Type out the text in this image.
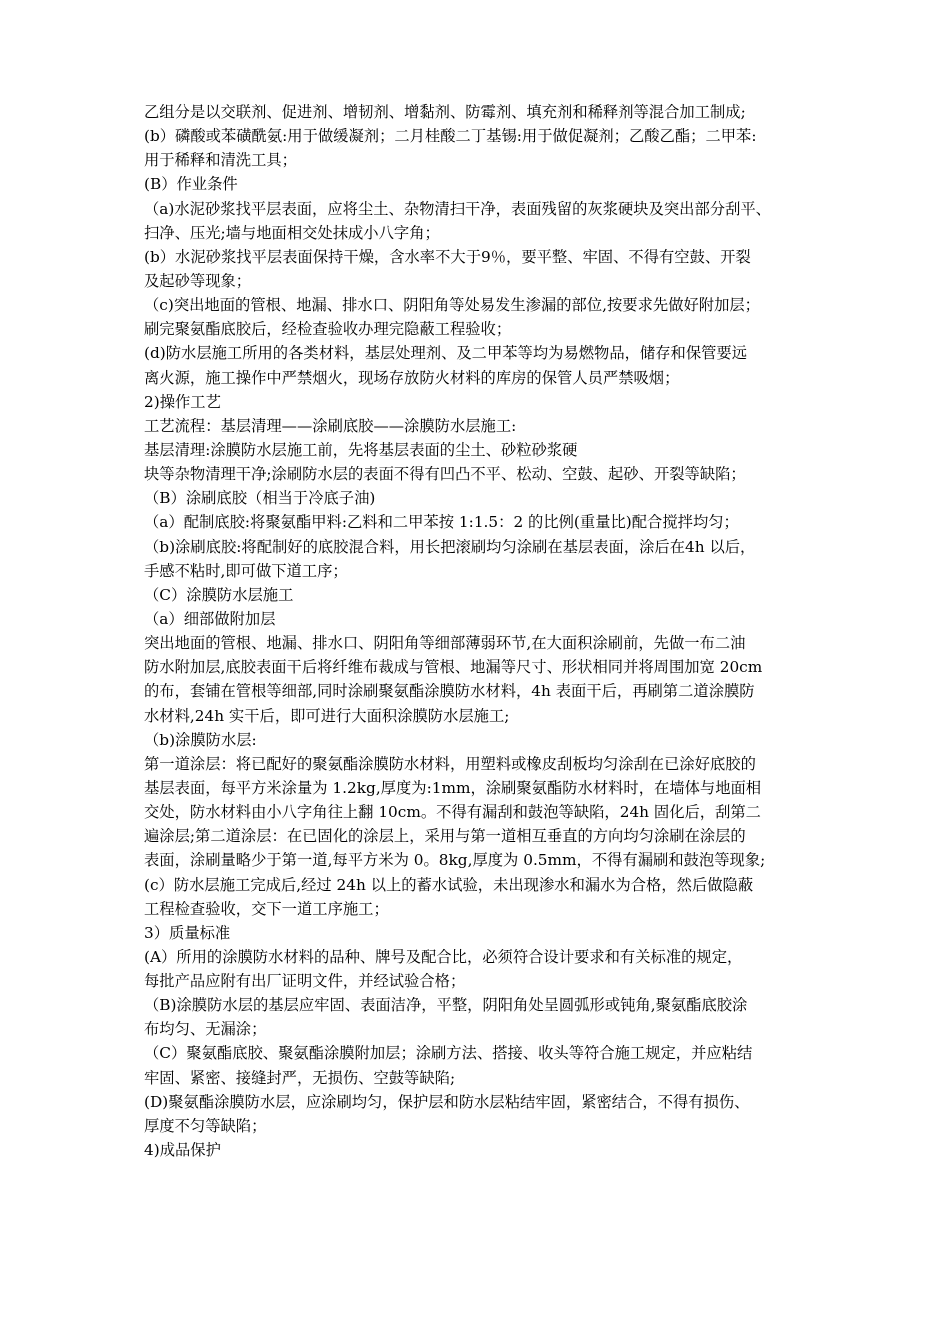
乙组分是以交联剂、促进剂、增韧剂、增黏剂、防霉剂、填充剂和稀释剂等混合加工制成;
(b）磷酸或苯磺酰氨:用于做缓凝剂；二月桂酸二丁基锡:用于做促凝剂；乙酸乙酯；二甲苯:
用于稀释和清洗工具；
(B）作业条件
（a)水泥砂浆找平层表面，应将尘土、杂物清扫干净，表面残留的灰浆硬块及突出部分刮平、
扫净、压光;墙与地面相交处抹成小八字角；
(b）水泥砂浆找平层表面保持干燥，含水率不大于9％，要平整、牢固、不得有空鼓、开裂
及起砂等现象；
（c)突出地面的管根、地漏、排水口、阴阳角等处易发生渗漏的部位,按要求先做好附加层；
刷完聚氨酯底胶后，经检查验收办理完隐蔽工程验收；
(d)防水层施工所用的各类材料，基层处理剂、及二甲苯等均为易燃物品，储存和保管要远
离火源，施工操作中严禁烟火，现场存放防火材料的库房的保管人员严禁吸烟；
2)操作工艺
工艺流程：基层清理——涂刷底胶——涂膜防水层施工:
基层清理:涂膜防水层施工前，先将基层表面的尘土、砂粒砂浆硬
块等杂物清理干净;涂刷防水层的表面不得有凹凸不平、松动、空鼓、起砂、开裂等缺陷；
（B）涂刷底胶（相当于冷底子油)
（a）配制底胶:将聚氨酯甲料:乙料和二甲苯按 1:1.5：2 的比例(重量比)配合搅拌均匀；
（b)涂刷底胶:将配制好的底胶混合料，用长把滚刷均匀涂刷在基层表面，涂后在4h 以后，
手感不粘时,即可做下道工序；
（C）涂膜防水层施工
（a）细部做附加层
突出地面的管根、地漏、排水口、阴阳角等细部薄弱环节,在大面积涂刷前，先做一布二油
防水附加层,底胶表面干后将纤维布裁成与管根、地漏等尺寸、形状相同并将周围加宽 20cm
的布，套铺在管根等细部,同时涂刷聚氨酯涂膜防水材料，4h 表面干后，再刷第二道涂膜防
水材料,24h 实干后，即可进行大面积涂膜防水层施工;
（b)涂膜防水层:
第一道涂层：将已配好的聚氨酯涂膜防水材料，用塑料或橡皮刮板均匀涂刮在已涂好底胶的
基层表面，每平方米涂量为 1.2kg,厚度为:1mm，涂刷聚氨酯防水材料时，在墙体与地面相
交处，防水材料由小八字角往上翻 10cm。不得有漏刮和鼓泡等缺陷，24h 固化后，刮第二
遍涂层;第二道涂层：在已固化的涂层上，采用与第一道相互垂直的方向均匀涂刷在涂层的
表面，涂刷量略少于第一道,每平方米为 0。8kg,厚度为 0.5mm，不得有漏刷和鼓泡等现象;
(c）防水层施工完成后,经过 24h 以上的蓄水试验，未出现渗水和漏水为合格，然后做隐蔽
工程检查验收，交下一道工序施工；
3）质量标准
(A）所用的涂膜防水材料的品种、牌号及配合比，必须符合设计要求和有关标准的规定，
每批产品应附有出厂证明文件，并经试验合格；
（B)涂膜防水层的基层应牢固、表面洁净，平整，阴阳角处呈圆弧形或钝角,聚氨酯底胶涂
布均匀、无漏涂；
（C）聚氨酯底胶、聚氨酯涂膜附加层；涂刷方法、搭接、收头等符合施工规定，并应粘结
牢固、紧密、接缝封严，无损伤、空鼓等缺陷;
(D)聚氨酯涂膜防水层，应涂刷均匀，保护层和防水层粘结牢固，紧密结合，不得有损伤、
厚度不匀等缺陷；
4)成品保护
